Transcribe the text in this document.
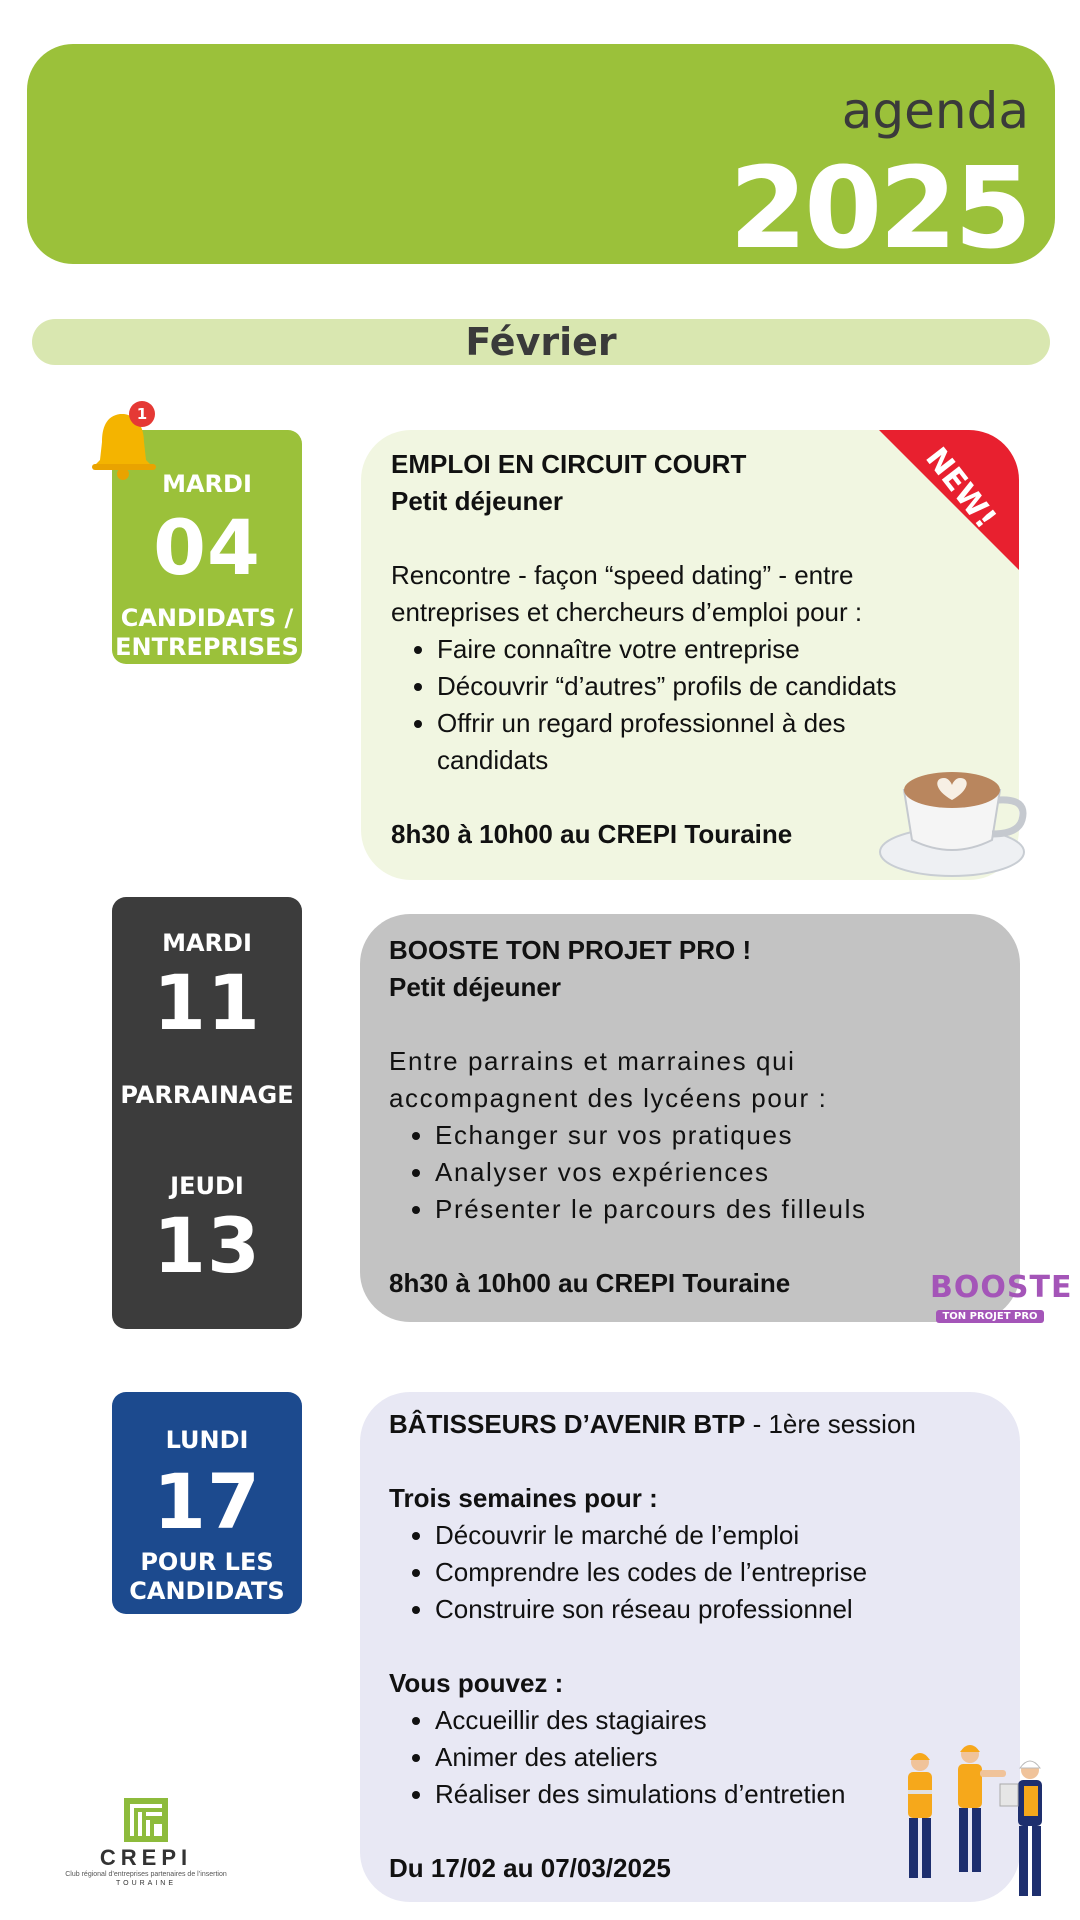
agenda
2025
Février
MARDI
04
CANDIDATS /
ENTREPRISES
1
NEW!

EMPLOI EN CIRCUIT COURT

Petit déjeuner

Rencontre - façon “speed dating” - entre

entreprises et chercheurs d’emploi pour :

• Faire connaître votre entreprise
• Découvrir “d’autres” profils de candidats
• Offrir un regard professionnel à des candidats

8h30 à 10h00 au CREPI Touraine

MARDI
11
PARRAINAGE
JEUDI
13

BOOSTE TON PROJET PRO !

Petit déjeuner

Entre parrains et marraines qui

accompagnent des lycéens pour :

• Echanger sur vos pratiques
• Analyser vos expériences
• Présenter le parcours des filleuls

8h30 à 10h00 au CREPI Touraine	BOOSTE
TON PROJET PRO
LUNDI
17
POUR LES
CANDIDATS

BÂTISSEURS D’AVENIR BTP - 1ère session

Trois semaines pour :

• Découvrir le marché de l’emploi
• Comprendre les codes de l’entreprise
• Construire son réseau professionnel

Vous pouvez :

• Accueillir des stagiaires
• Animer des ateliers
• Réaliser des simulations d’entretien

Du 17/02 au 07/03/2025

CREPI
Club régional d’entreprises partenaires de l’insertion
TOURAINE
